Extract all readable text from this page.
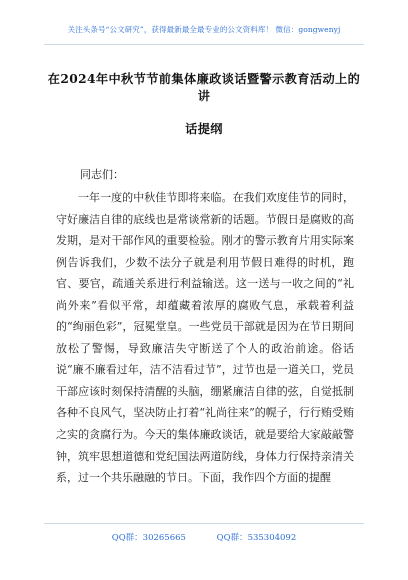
关注头条号“公文研究”，获得最新最全最专业的公文资料库！ 微信：gongwenyj
在2024年中秋节节前集体廉政谈话暨警示教育活动上的讲
话提纲
同志们：

一年一度的中秋佳节即将来临。在我们欢度佳节的同时，守好廉洁自律的底线也是常谈常新的话题。节假日是腐败的高发期，是对干部作风的重要检验。刚才的警示教育片用实际案例告诉我们，少数不法分子就是利用节假日难得的时机，跑官、要官，疏通关系进行利益输送。这一送与一收之间的“礼尚外来”看似平常，却蕴藏着浓厚的腐败气息，承载着利益的“绚丽色彩”，冠冕堂皇。一些党员干部就是因为在节日期间放松了警惕，导致廉洁失守断送了个人的政治前途。俗话说“廉不廉看过年，洁不洁看过节”，过节也是一道关口，党员干部应该时刻保持清醒的头脑，绷紧廉洁自律的弦，自觉抵制各种不良风气，坚决防止打着“礼尚往来”的幌子，行行贿受贿之实的贪腐行为。今天的集体廉政谈话，就是要给大家敲敲警钟，筑牢思想道德和党纪国法两道防线，身体力行保持亲清关系，过一个共乐融融的节日。下面，我作四个方面的提醒

QQ群：30265665	QQ群：535304092
